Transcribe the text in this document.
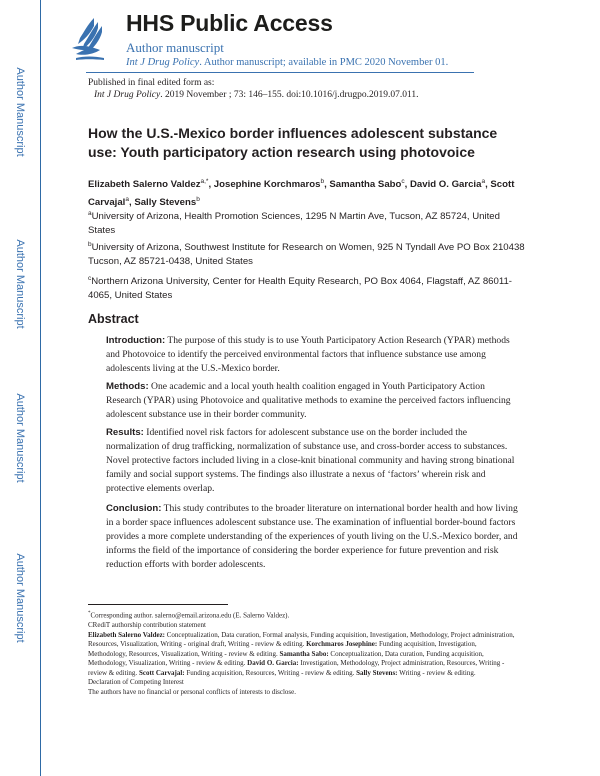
Author Manuscript
Author Manuscript
Author Manuscript
Author Manuscript
HHS Public Access
Author manuscript
Int J Drug Policy. Author manuscript; available in PMC 2020 November 01.
Published in final edited form as:
Int J Drug Policy. 2019 November ; 73: 146–155. doi:10.1016/j.drugpo.2019.07.011.
How the U.S.-Mexico border influences adolescent substance use: Youth participatory action research using photovoice
Elizabeth Salerno Valdez$^{a,*}$, Josephine Korchmaros$^b$, Samantha Sabo$^c$, David O. Garcia$^a$, Scott Carvajal$^a$, Sally Stevens$^b$
$^a$University of Arizona, Health Promotion Sciences, 1295 N Martin Ave, Tucson, AZ 85724, United States
$^b$University of Arizona, Southwest Institute for Research on Women, 925 N Tyndall Ave PO Box 210438 Tucson, AZ 85721-0438, United States
$^c$Northern Arizona University, Center for Health Equity Research, PO Box 4064, Flagstaff, AZ 86011-4065, United States
Abstract
Introduction: The purpose of this study is to use Youth Participatory Action Research (YPAR) methods and Photovoice to identify the perceived environmental factors that influence substance use among adolescents living at the U.S.-Mexico border.
Methods: One academic and a local youth health coalition engaged in Youth Participatory Action Research (YPAR) using Photovoice and qualitative methods to examine the perceived factors influencing adolescent substance use in their border community.
Results: Identified novel risk factors for adolescent substance use on the border included the normalization of drug trafficking, normalization of substance use, and cross-border access to substances. Novel protective factors included living in a close-knit binational community and having strong binational family and social support systems. The findings also illustrate a nexus of ‘factors’ wherein risk and protective elements overlap.
Conclusion: This study contributes to the broader literature on international border health and how living in a border space influences adolescent substance use. The examination of influential border-bound factors provides a more complete understanding of the experiences of youth living on the U.S.-Mexico border, and informs the field of the importance of considering the border experience for future prevention and risk reduction efforts with border adolescents.

*Corresponding author. salerno@email.arizona.edu (E. Salerno Valdez).

CRediT authorship contribution statement

Elizabeth Salerno Valdez: Conceptualization, Data curation, Formal analysis, Funding acquisition, Investigation, Methodology, Project administration, Resources, Visualization, Writing - original draft, Writing - review & editing. Korchmaros Josephine: Funding acquisition, Investigation, Methodology, Resources, Visualization, Writing - review & editing. Samantha Sabo: Conceptualization, Data curation, Funding acquisition, Methodology, Visualization, Writing - review & editing. David O. Garcia: Investigation, Methodology, Project administration, Resources, Writing - review & editing. Scott Carvajal: Funding acquisition, Resources, Writing - review & editing. Sally Stevens: Writing - review & editing.

Declaration of Competing Interest

The authors have no financial or personal conflicts of interests to disclose.
